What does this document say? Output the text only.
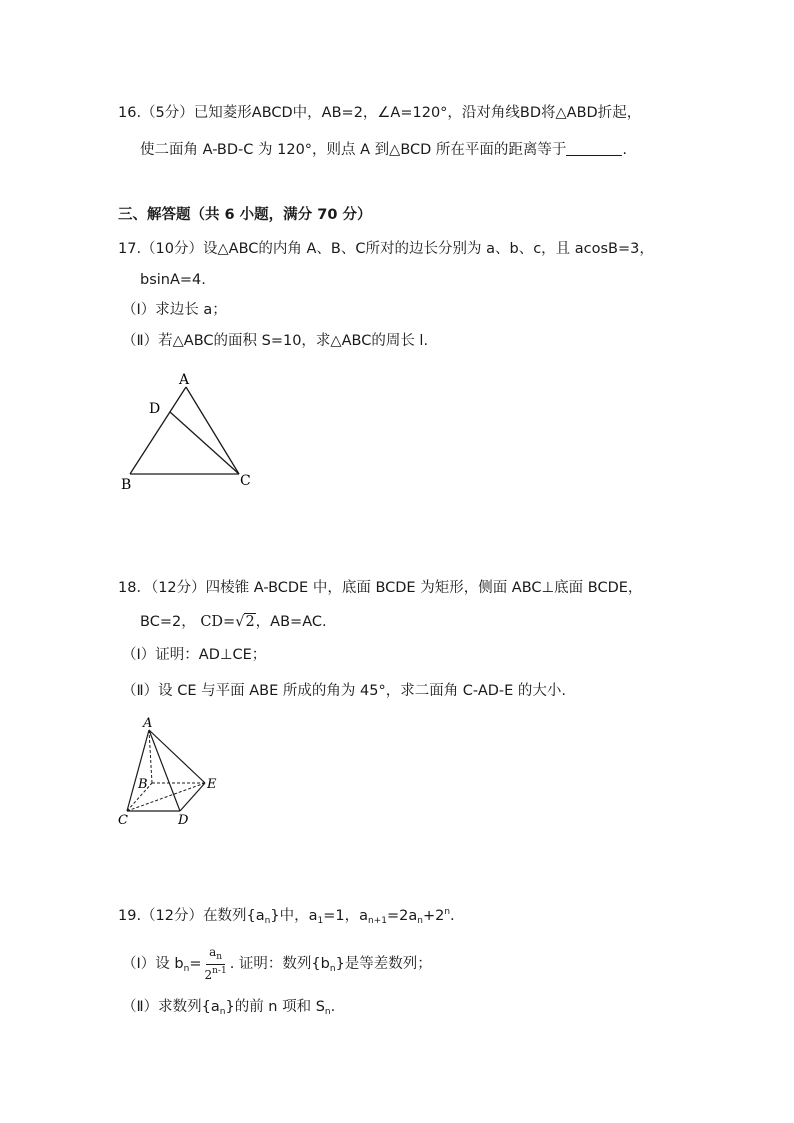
16.（5分）已知菱形ABCD中，AB=2，∠A=120°，沿对角线BD将△ABD折起，
使二面角 A-BD-C 为 120°，则点 A 到△BCD 所在平面的距离等于	.
三、解答题（共 6 小题，满分 70 分）
17.（10分）设△ABC的内角 A、B、C所对的边长分别为 a、b、c，且 acosB=3，
bsinA=4.
（Ⅰ）求边长 a；
（Ⅱ）若△ABC的面积 S=10，求△ABC的周长 l.
A
D
B	C
18．（12分）四棱锥 A-BCDE 中，底面 BCDE 为矩形，侧面 ABC⊥底面 BCDE，
BC=2， CD=√2，AB=AC.
（Ⅰ）证明：AD⊥CE；
（Ⅱ）设 CE 与平面 ABE 所成的角为 45°，求二面角 C-AD-E 的大小.
A
B	E
C	D
19.（12分）在数列$\{a_n\}$中，$a_1=1$，$a_{n+1}=2a_n+2^n$.
（Ⅰ）设 $b_n= \frac{a_n}{2^{n-1}}$ . 证明：数列$\{b_n\}$是等差数列；
（Ⅱ）求数列$\{a_n\}$的前 n 项和 $S_n$.
